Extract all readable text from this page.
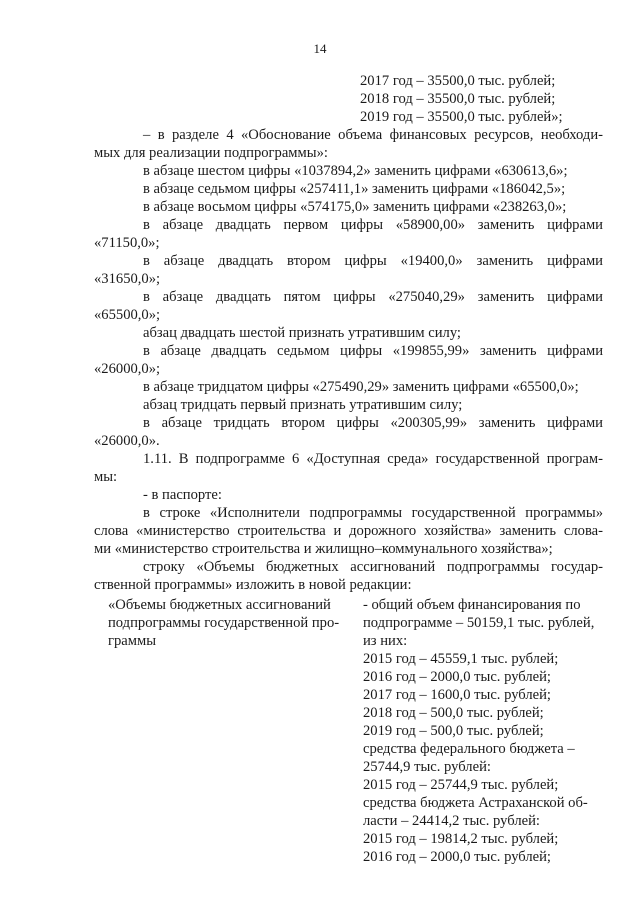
14
2017 год – 35500,0 тыс. рублей;
2018 год – 35500,0 тыс. рублей;
2019 год – 35500,0 тыс. рублей»;
– в разделе 4 «Обоснование объема финансовых ресурсов, необходи-
мых для реализации подпрограммы»:
в абзаце шестом цифры «1037894,2» заменить цифрами «630613,6»;
в абзаце седьмом цифры «257411,1» заменить цифрами «186042,5»;
в абзаце восьмом цифры «574175,0» заменить цифрами «238263,0»;
в абзаце двадцать первом цифры «58900,00» заменить цифрами
«71150,0»;
в абзаце двадцать втором цифры «19400,0» заменить цифрами
«31650,0»;
в абзаце двадцать пятом цифры «275040,29» заменить цифрами
«65500,0»;
абзац двадцать шестой признать утратившим силу;
в абзаце двадцать седьмом цифры «199855,99» заменить цифрами
«26000,0»;
в абзаце тридцатом цифры «275490,29» заменить цифрами «65500,0»;
абзац тридцать первый признать утратившим силу;
в абзаце тридцать втором цифры «200305,99» заменить цифрами
«26000,0».
1.11. В подпрограмме 6 «Доступная среда» государственной програм-
мы:
- в паспорте:
в строке «Исполнители подпрограммы государственной программы»
слова «министерство строительства и дорожного хозяйства» заменить слова-
ми «министерство строительства и жилищно–коммунального хозяйства»;
строку «Объемы бюджетных ассигнований подпрограммы государ-
«Объемы бюджетных ассигнований
подпрограммы государственной про-
граммы
- общий объем финансирования по
подпрограмме – 50159,1 тыс. рублей,
из них:
2015 год – 45559,1 тыс. рублей;
2016 год – 2000,0 тыс. рублей;
2017 год – 1600,0 тыс. рублей;
2018 год – 500,0 тыс. рублей;
2019 год – 500,0 тыс. рублей;
средства федерального бюджета –
25744,9 тыс. рублей:
2015 год – 25744,9 тыс. рублей;
средства бюджета Астраханской об-
ласти – 24414,2 тыс. рублей:
2015 год – 19814,2 тыс. рублей;
2016 год – 2000,0 тыс. рублей;
ственной программы» изложить в новой редакции:
